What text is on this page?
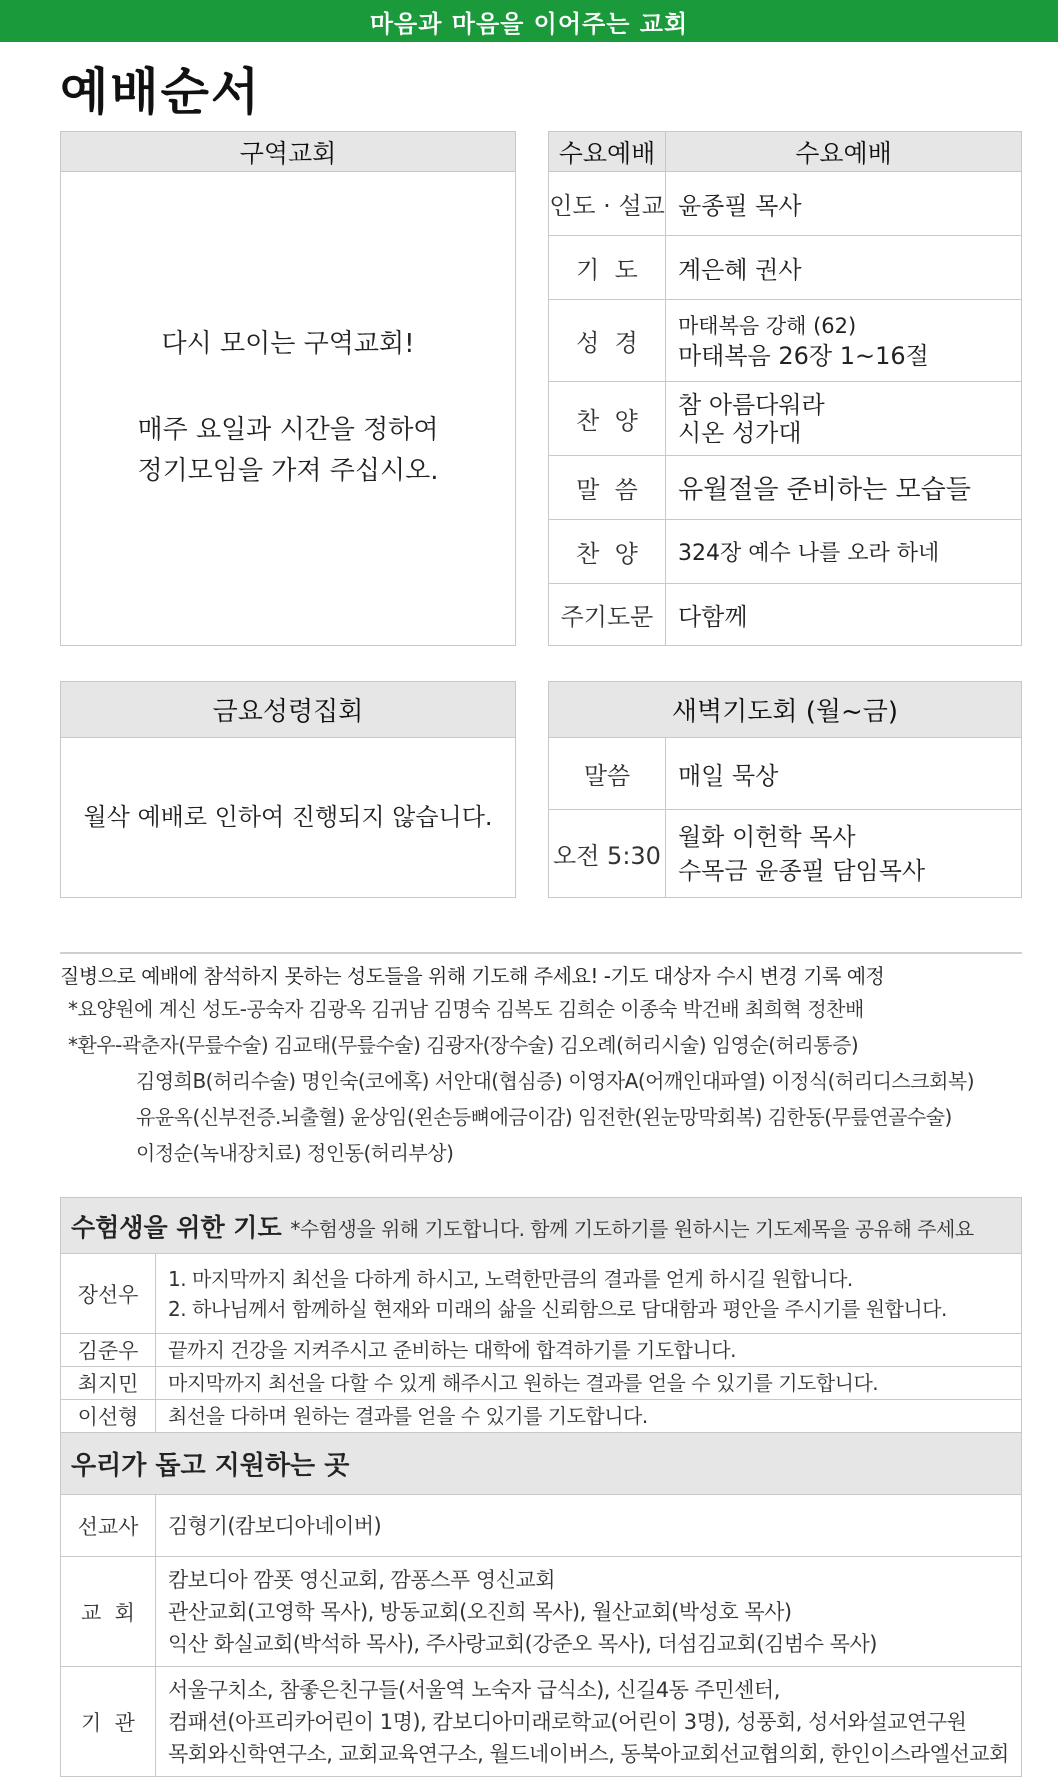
마음과 마음을 이어주는 교회
예배순서
구역교회

다시 모이는 구역교회!
매주 요일과 시간을 정하여
정기모임을 가져 주십시오.
수요예배	수요예배
인도 · 설교	윤종필 목사
기  도	계은혜 권사
성  경	마태복음 강해 (62)
마태복음 26장 1~16절

찬  양	참 아름다워라
시온 성가대

말  씀	유월절을 준비하는 모습들
찬  양	324장 예수 나를 오라 하네
주기도문	다함께
금요성령집회
월삭 예배로 인하여 진행되지 않습니다.
새벽기도회 (월~금)	
말씀	매일 묵상
오전 5:30	월화 이헌학 목사
수목금 윤종필 담임목사
질병으로 예배에 참석하지 못하는 성도들을 위해 기도해 주세요! -기도 대상자 수시 변경 기록 예정
*요양원에 계신 성도-공숙자 김광옥 김귀남 김명숙 김복도 김희순 이종숙 박건배 최희혁 정찬배
*환우-곽춘자(무릎수술) 김교태(무릎수술) 김광자(장수술) 김오례(허리시술) 임영순(허리통증)
김영희B(허리수술) 명인숙(코에혹) 서안대(협심증) 이영자A(어깨인대파열) 이정식(허리디스크회복)
유윤옥(신부전증.뇌출혈) 윤상임(왼손등뼈에금이감) 임전한(왼눈망막회복) 김한동(무릎연골수술)
이정순(녹내장치료) 정인동(허리부상)
수험생을 위한 기도 *수험생을 위해 기도합니다. 함께 기도하기를 원하시는 기도제목을 공유해 주세요	
장선우	1. 마지막까지 최선을 다하게 하시고, 노력한만큼의 결과를 얻게 하시길 원합니다.
2. 하나님께서 함께하실 현재와 미래의 삶을 신뢰함으로 담대함과 평안을 주시기를 원합니다.

김준우	끝까지 건강을 지켜주시고 준비하는 대학에 합격하기를 기도합니다.
최지민	마지막까지 최선을 다할 수 있게 해주시고 원하는 결과를 얻을 수 있기를 기도합니다.
이선형	최선을 다하며 원하는 결과를 얻을 수 있기를 기도합니다.
우리가 돕고 지원하는 곳	
선교사	김형기(캄보디아네이버)
교  회	캄보디아 깜폿 영신교회, 깜퐁스푸 영신교회
관산교회(고영학 목사), 방동교회(오진희 목사), 월산교회(박성호 목사)
익산 화실교회(박석하 목사), 주사랑교회(강준오 목사), 더섬김교회(김범수 목사)

기  관	서울구치소, 참좋은친구들(서울역 노숙자 급식소), 신길4동 주민센터,
컴패션(아프리카어린이 1명), 캄보디아미래로학교(어린이 3명), 성풍회, 성서와설교연구원
목회와신학연구소, 교회교육연구소, 월드네이버스, 동북아교회선교협의회, 한인이스라엘선교회
